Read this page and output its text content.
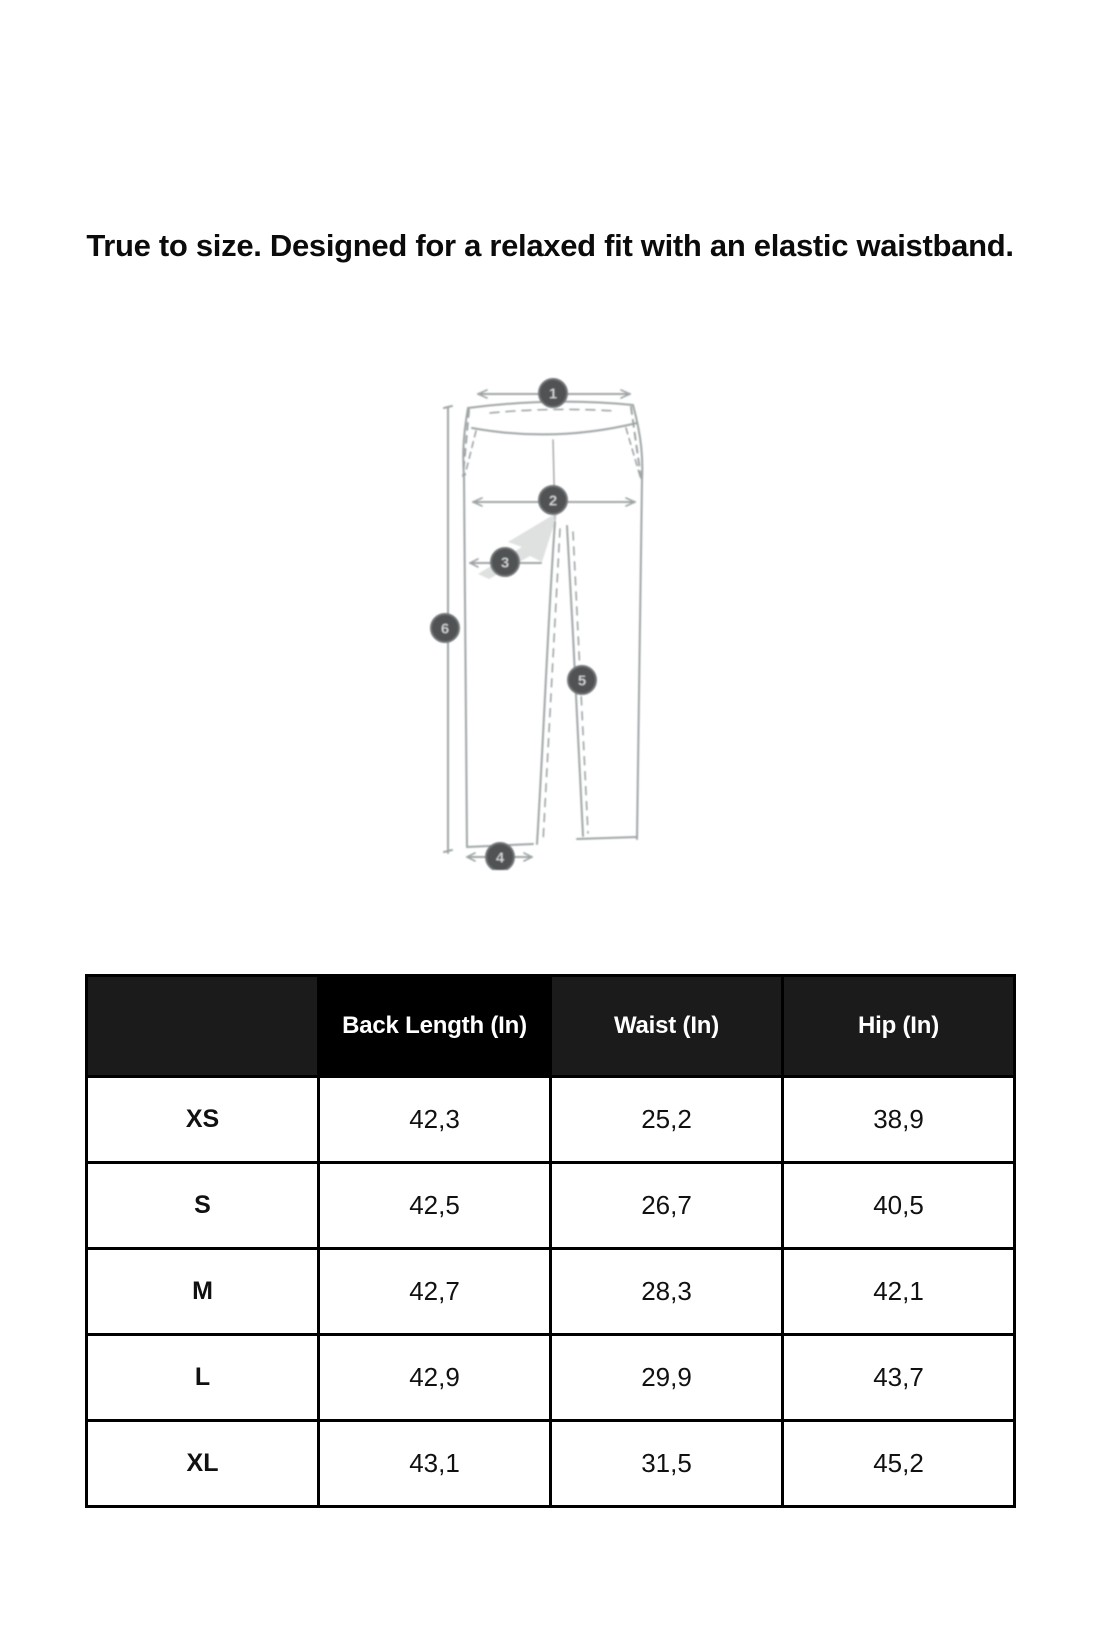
True to size. Designed for a relaxed fit with an elastic waistband.
1
2
3
4
5
6
	Back Length (In)	Waist (In)	Hip (In)
XS	42,3	25,2	38,9
S	42,5	26,7	40,5
M	42,7	28,3	42,1
L	42,9	29,9	43,7
XL	43,1	31,5	45,2
